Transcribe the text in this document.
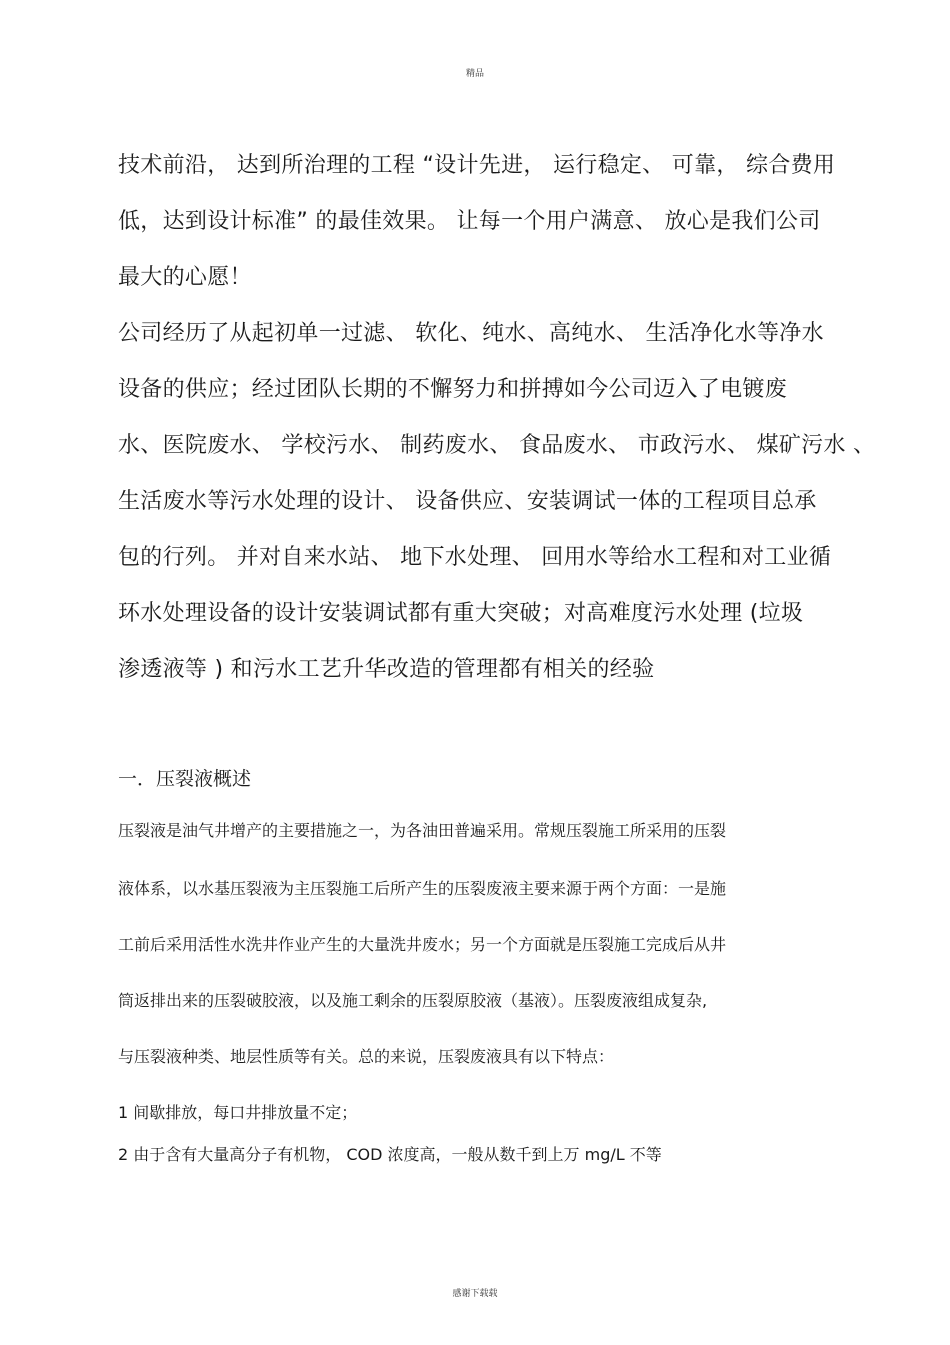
精品
技术前沿， 达到所治理的工程 “设计先进， 运行稳定、 可靠， 综合费用
低，达到设计标准” 的最佳效果。 让每一个用户满意、 放心是我们公司
最大的心愿！
公司经历了从起初单一过滤、 软化、纯水、高纯水、 生活净化水等净水
设备的供应；经过团队长期的不懈努力和拼搏如今公司迈入了电镀废
水、医院废水、 学校污水、 制药废水、 食品废水、 市政污水、 煤矿污水 、
生活废水等污水处理的设计、 设备供应、安装调试一体的工程项目总承
包的行列。 并对自来水站、 地下水处理、 回用水等给水工程和对工业循
环水处理设备的设计安装调试都有重大突破；对高难度污水处理 (垃圾
渗透液等 ) 和污水工艺升华改造的管理都有相关的经验
一．压裂液概述
压裂液是油气井增产的主要措施之一，为各油田普遍采用。常规压裂施工所采用的压裂
液体系，以水基压裂液为主压裂施工后所产生的压裂废液主要来源于两个方面：一是施
工前后采用活性水洗井作业产生的大量洗井废水；另一个方面就是压裂施工完成后从井
筒返排出来的压裂破胶液，以及施工剩余的压裂原胶液（基液）。压裂废液组成复杂,
与压裂液种类、地层性质等有关。总的来说，压裂废液具有以下特点：
1 间歇排放，每口井排放量不定；
2 由于含有大量高分子有机物， COD 浓度高，一般从数千到上万 mg/L 不等
感谢下载载
